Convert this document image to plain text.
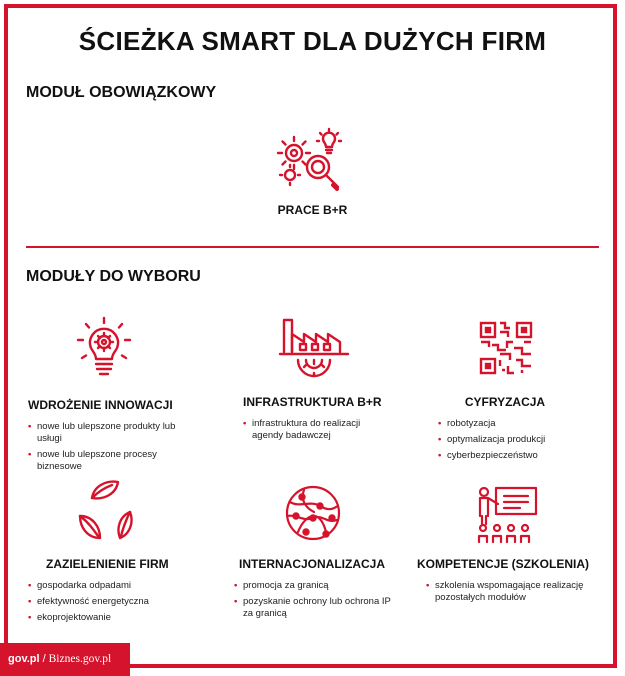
ŚCIEŻKA SMART DLA DUŻYCH FIRM
MODUŁ OBOWIĄZKOWY
PRACE B+R
MODUŁY DO WYBORU
WDROŻENIE INNOWACJI
• nowe lub ulepszone produkty lub usługi
• nowe lub ulepszone procesy biznesowe
INFRASTRUKTURA B+R
• infrastruktura do realizacji agendy badawczej
CYFRYZACJA
• robotyzacja
• optymalizacja produkcji
• cyberbezpieczeństwo
ZAZIELENIENIE FIRM
• gospodarka odpadami
• efektywność energetyczna
• ekoprojektowanie
INTERNACJONALIZACJA
• promocja za granicą
• pozyskanie ochrony lub ochrona IP za granicą
KOMPETENCJE (SZKOLENIA)
• szkolenia wspomagające realizację pozostałych modułów
gov.pl / Biznes.gov.pl
